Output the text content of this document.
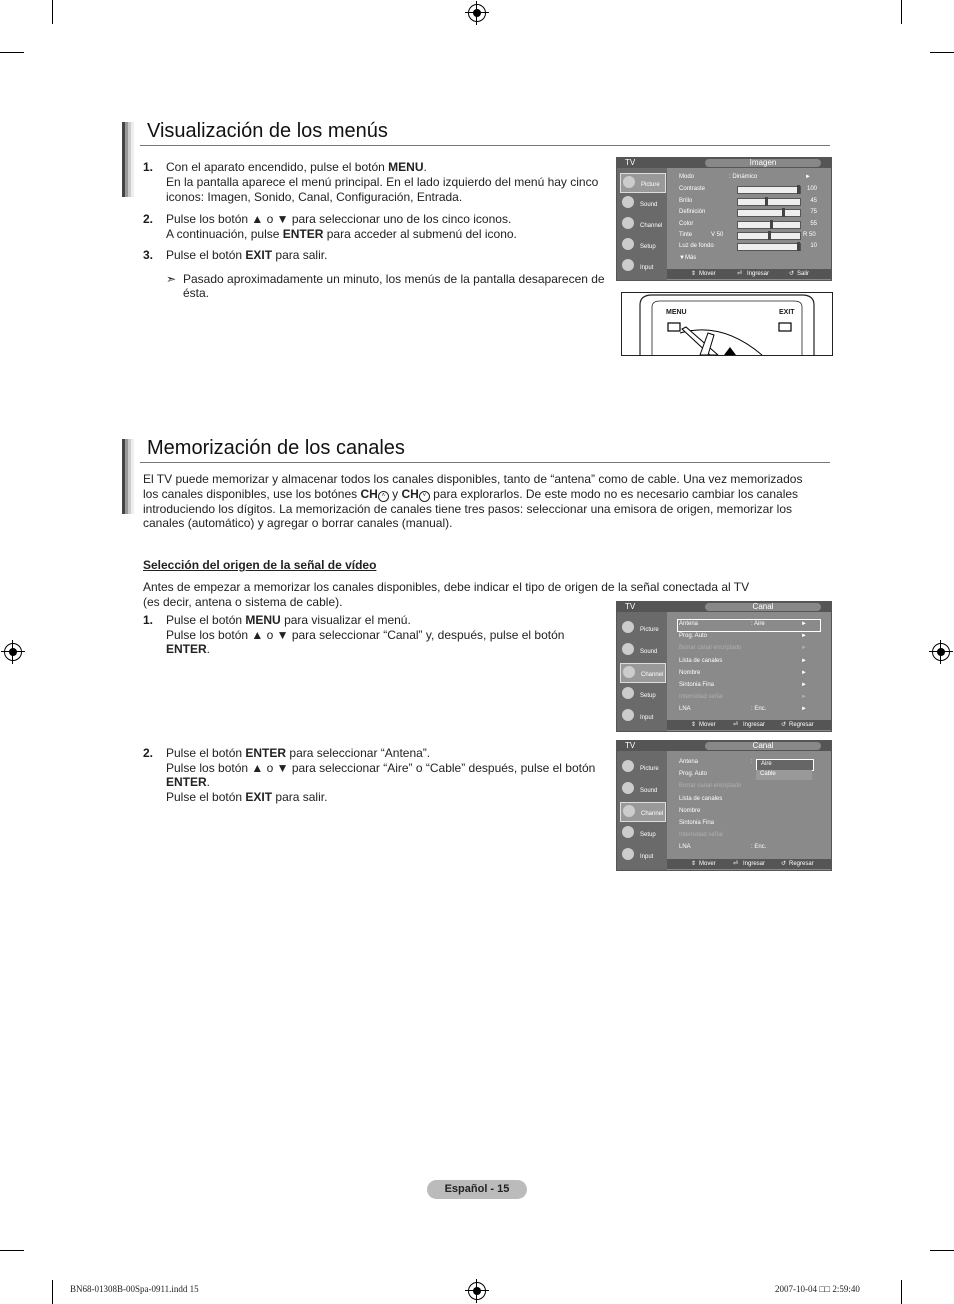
Visualización de los menús
1. Con el aparato encendido, pulse el botón MENU.
En la pantalla aparece el menú principal. En el lado izquierdo del menú hay cinco
iconos: Imagen, Sonido, Canal, Configuración, Entrada.
2. Pulse los botón ▲ o ▼ para seleccionar uno de los cinco iconos.
A continuación, pulse ENTER para acceder al submenú del icono.
3. Pulse el botón EXIT para salir.
➣ Pasado aproximadamente un minuto, los menús de la pantalla desaparecen de
ésta.
TV	Imagen
Picture
Sound
Channel
Setup
Input
Modo	: Dinámico	►
Contraste	100
Brillo	45
Definición	75
Color	55
Tinte	V 50	R 50
Luz de fondo	10
▼Más
⇕ Mover	⏎ Ingresar	↺ Salir
MENU	EXIT
Memorización de los canales
El TV puede memorizar y almacenar todos los canales disponibles, tanto de “antena” como de cable. Una vez memorizados
los canales disponibles, use los botónes CH ˄ y CH ˅ para explorarlos. De este modo no es necesario cambiar los canales
introduciendo los dígitos. La memorización de canales tiene tres pasos: seleccionar una emisora de origen, memorizar los
canales (automático) y agregar o borrar canales (manual).
Selección del origen de la señal de vídeo
Antes de empezar a memorizar los canales disponibles, debe indicar el tipo de origen de la señal conectada al TV
(es decir, antena o sistema de cable).
1. Pulse el botón MENU para visualizar el menú.
Pulse los botón ▲ o ▼ para seleccionar “Canal” y, después, pulse el botón
ENTER.
2. Pulse el botón ENTER para seleccionar “Antena”.
Pulse los botón ▲ o ▼ para seleccionar “Aire” o “Cable” después, pulse el botón
ENTER.
Pulse el botón EXIT para salir.
TV	Canal
Picture
Sound
Channel
Setup
Input
Antena	: Aire	►
Prog. Auto	►
Borrar canal encriptado	►
Lista de canales	►
Nombre	►
Sintonia Fina	►
Intensidad señal	►
LNA	: Enc.	►
⇕ Mover	⏎ Ingresar	↺ Regresar
TV	Canal
Picture
Sound
Channel
Setup
Input
Antena	:
Prog. Auto
Borrar canal encriptado
Lista de canales
Nombre
Sintonia Fina
Intensidad señal
LNA	: Enc.
Aire
Cable
⇕ Mover	⏎ Ingresar	↺ Regresar
Español - 15
BN68-01308B-00Spa-0911.indd 15	2007-10-04 □□ 2:59:40
